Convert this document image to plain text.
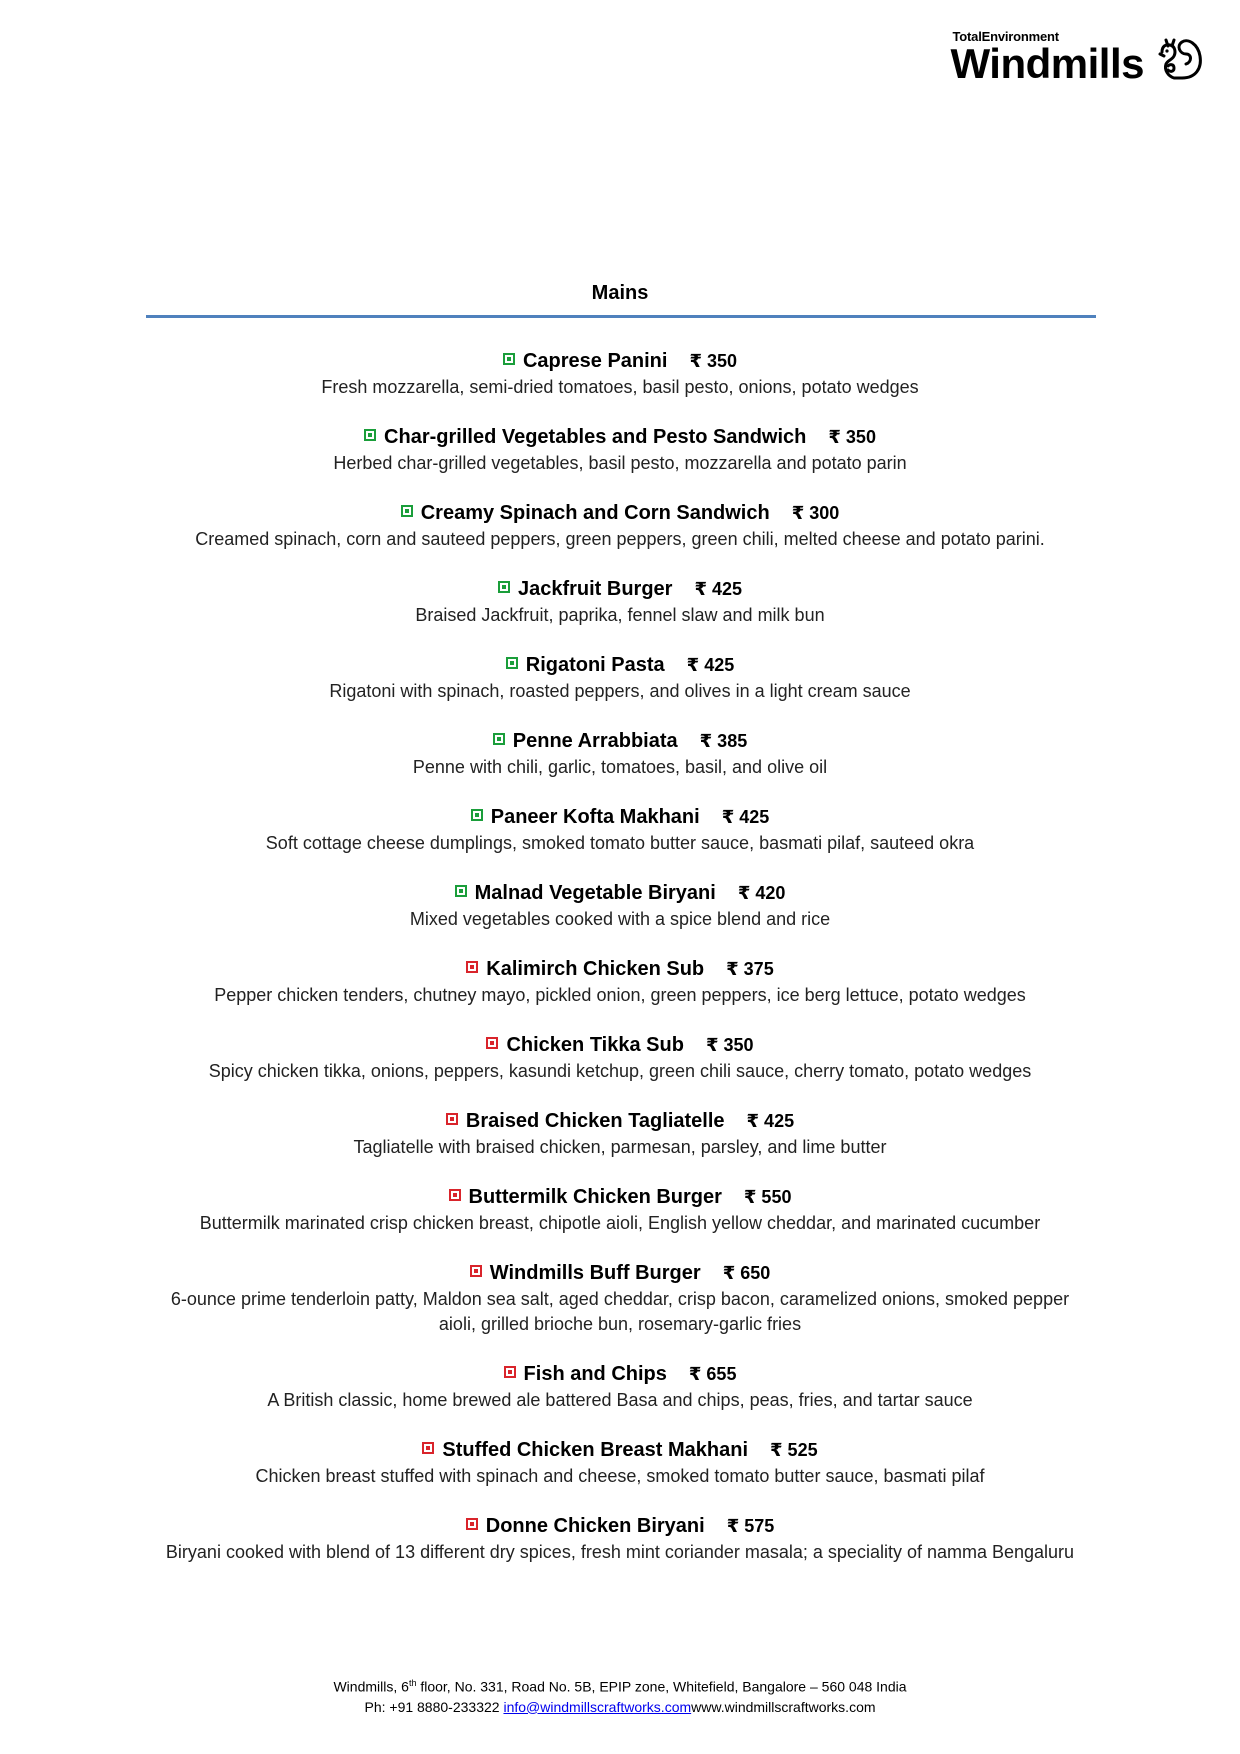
TotalEnvironment
Windmills
Mains
Caprese Panini ₹ 350
Fresh mozzarella, semi-dried tomatoes, basil pesto, onions, potato wedges
Char-grilled Vegetables and Pesto Sandwich ₹ 350
Herbed char-grilled vegetables, basil pesto, mozzarella and potato parin
Creamy Spinach and Corn Sandwich ₹ 300
Creamed spinach, corn and sauteed peppers, green peppers, green chili, melted cheese and potato parini.
Jackfruit Burger ₹ 425
Braised Jackfruit, paprika, fennel slaw and milk bun
Rigatoni Pasta ₹ 425
Rigatoni with spinach, roasted peppers, and olives in a light cream sauce
Penne Arrabbiata ₹ 385
Penne with chili, garlic, tomatoes, basil, and olive oil
Paneer Kofta Makhani ₹ 425
Soft cottage cheese dumplings, smoked tomato butter sauce, basmati pilaf, sauteed okra
Malnad Vegetable Biryani ₹ 420
Mixed vegetables cooked with a spice blend and rice
Kalimirch Chicken Sub ₹ 375
Pepper chicken tenders, chutney mayo, pickled onion, green peppers, ice berg lettuce, potato wedges
Chicken Tikka Sub ₹ 350
Spicy chicken tikka, onions, peppers, kasundi ketchup, green chili sauce, cherry tomato, potato wedges
Braised Chicken Tagliatelle ₹ 425
Tagliatelle with braised chicken, parmesan, parsley, and lime butter
Buttermilk Chicken Burger ₹ 550
Buttermilk marinated crisp chicken breast, chipotle aioli, English yellow cheddar, and marinated cucumber
Windmills Buff Burger ₹ 650
6-ounce prime tenderloin patty, Maldon sea salt, aged cheddar, crisp bacon, caramelized onions, smoked pepper aioli, grilled brioche bun, rosemary-garlic fries
Fish and Chips ₹ 655
A British classic, home brewed ale battered Basa and chips, peas, fries, and tartar sauce
Stuffed Chicken Breast Makhani ₹ 525
Chicken breast stuffed with spinach and cheese, smoked tomato butter sauce, basmati pilaf
Donne Chicken Biryani ₹ 575
Biryani cooked with blend of 13 different dry spices, fresh mint coriander masala; a speciality of namma Bengaluru
Windmills, 6th floor, No. 331, Road No. 5B, EPIP zone, Whitefield, Bangalore – 560 048 India
Ph: +91 8880-233322 info@windmillscraftworks.comwww.windmillscraftworks.com
